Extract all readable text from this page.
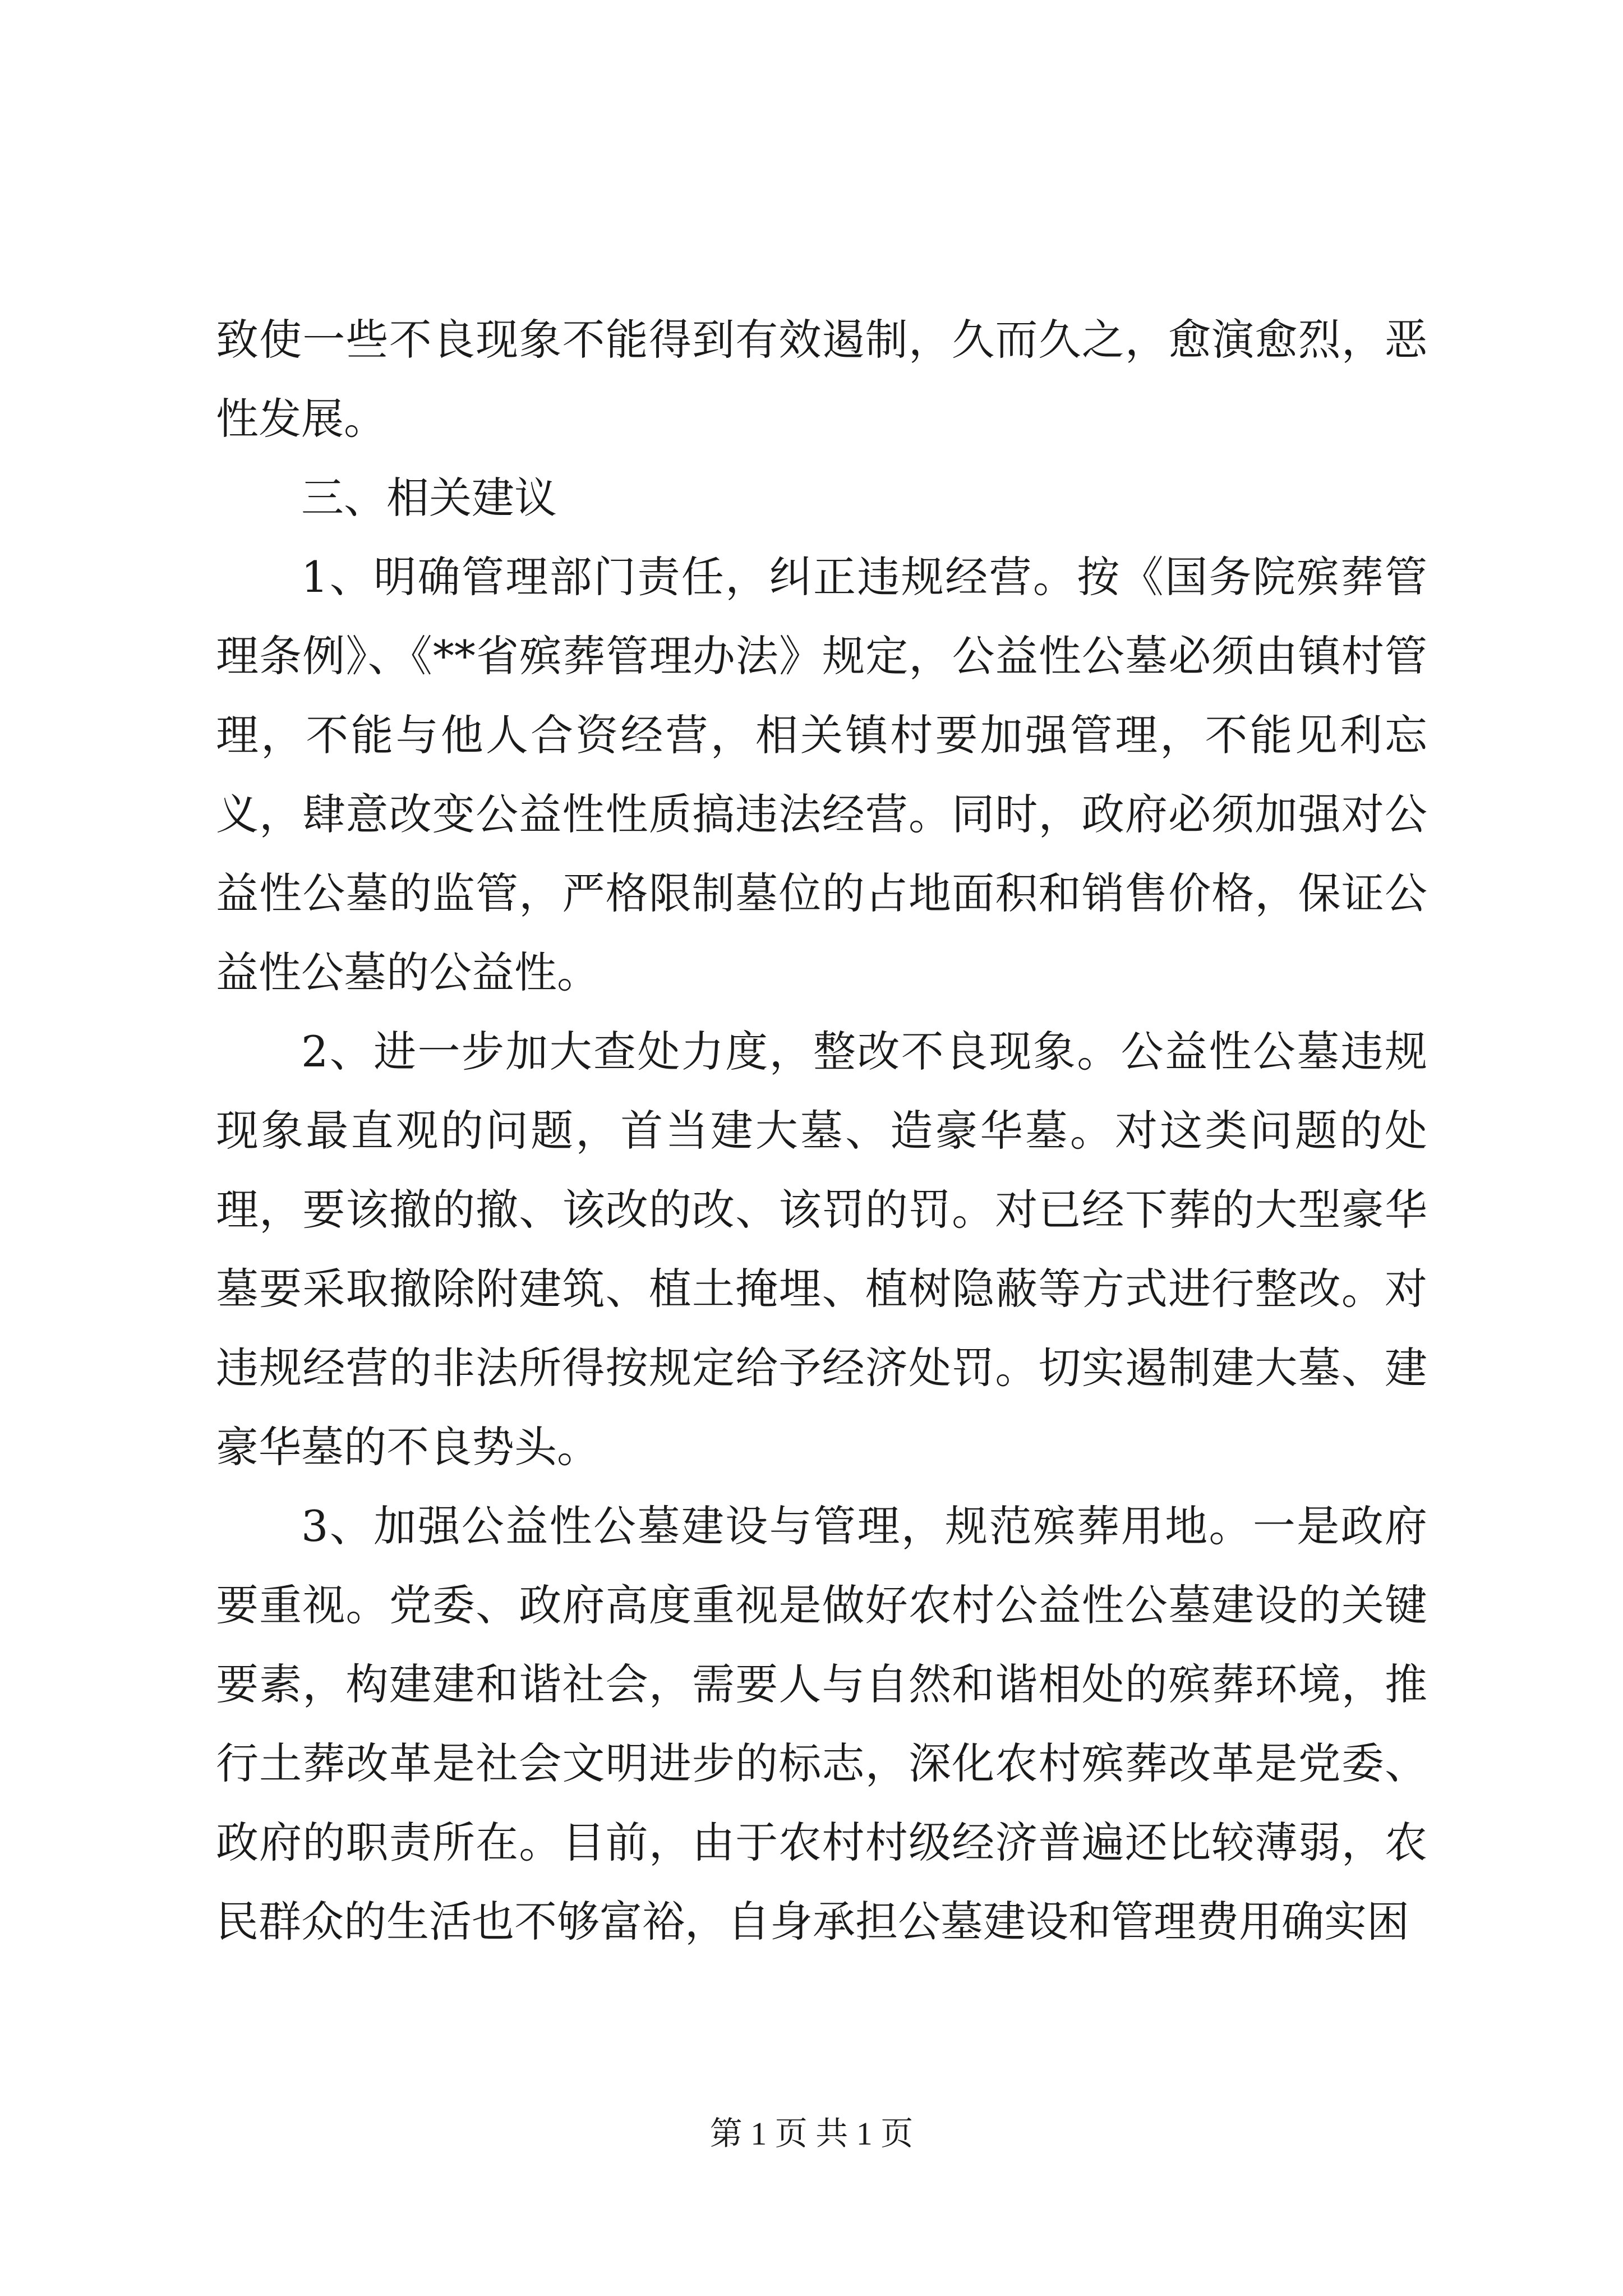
致使一些不良现象不能得到有效遏制，久而久之，愈演愈烈，恶性发展。

三、相关建议

1、明确管理部门责任，纠正违规经营。按《国务院殡葬管理条例》、《**省殡葬管理办法》规定，公益性公墓必须由镇村管理，不能与他人合资经营，相关镇村要加强管理，不能见利忘义，肆意改变公益性性质搞违法经营。同时，政府必须加强对公益性公墓的监管，严格限制墓位的占地面积和销售价格，保证公益性公墓的公益性。

2、进一步加大查处力度，整改不良现象。公益性公墓违规现象最直观的问题，首当建大墓、造豪华墓。对这类问题的处理，要该撤的撤、该改的改、该罚的罚。对已经下葬的大型豪华墓要采取撤除附建筑、植土掩埋、植树隐蔽等方式进行整改。对违规经营的非法所得按规定给予经济处罚。切实遏制建大墓、建豪华墓的不良势头。

3、加强公益性公墓建设与管理，规范殡葬用地。一是政府要重视。党委、政府高度重视是做好农村公益性公墓建设的关键要素，构建建和谐社会，需要人与自然和谐相处的殡葬环境，推行土葬改革是社会文明进步的标志，深化农村殡葬改革是党委、政府的职责所在。目前，由于农村村级经济普遍还比较薄弱，农民群众的生活也不够富裕，自身承担公墓建设和管理费用确实困

第 1 页 共 1 页
